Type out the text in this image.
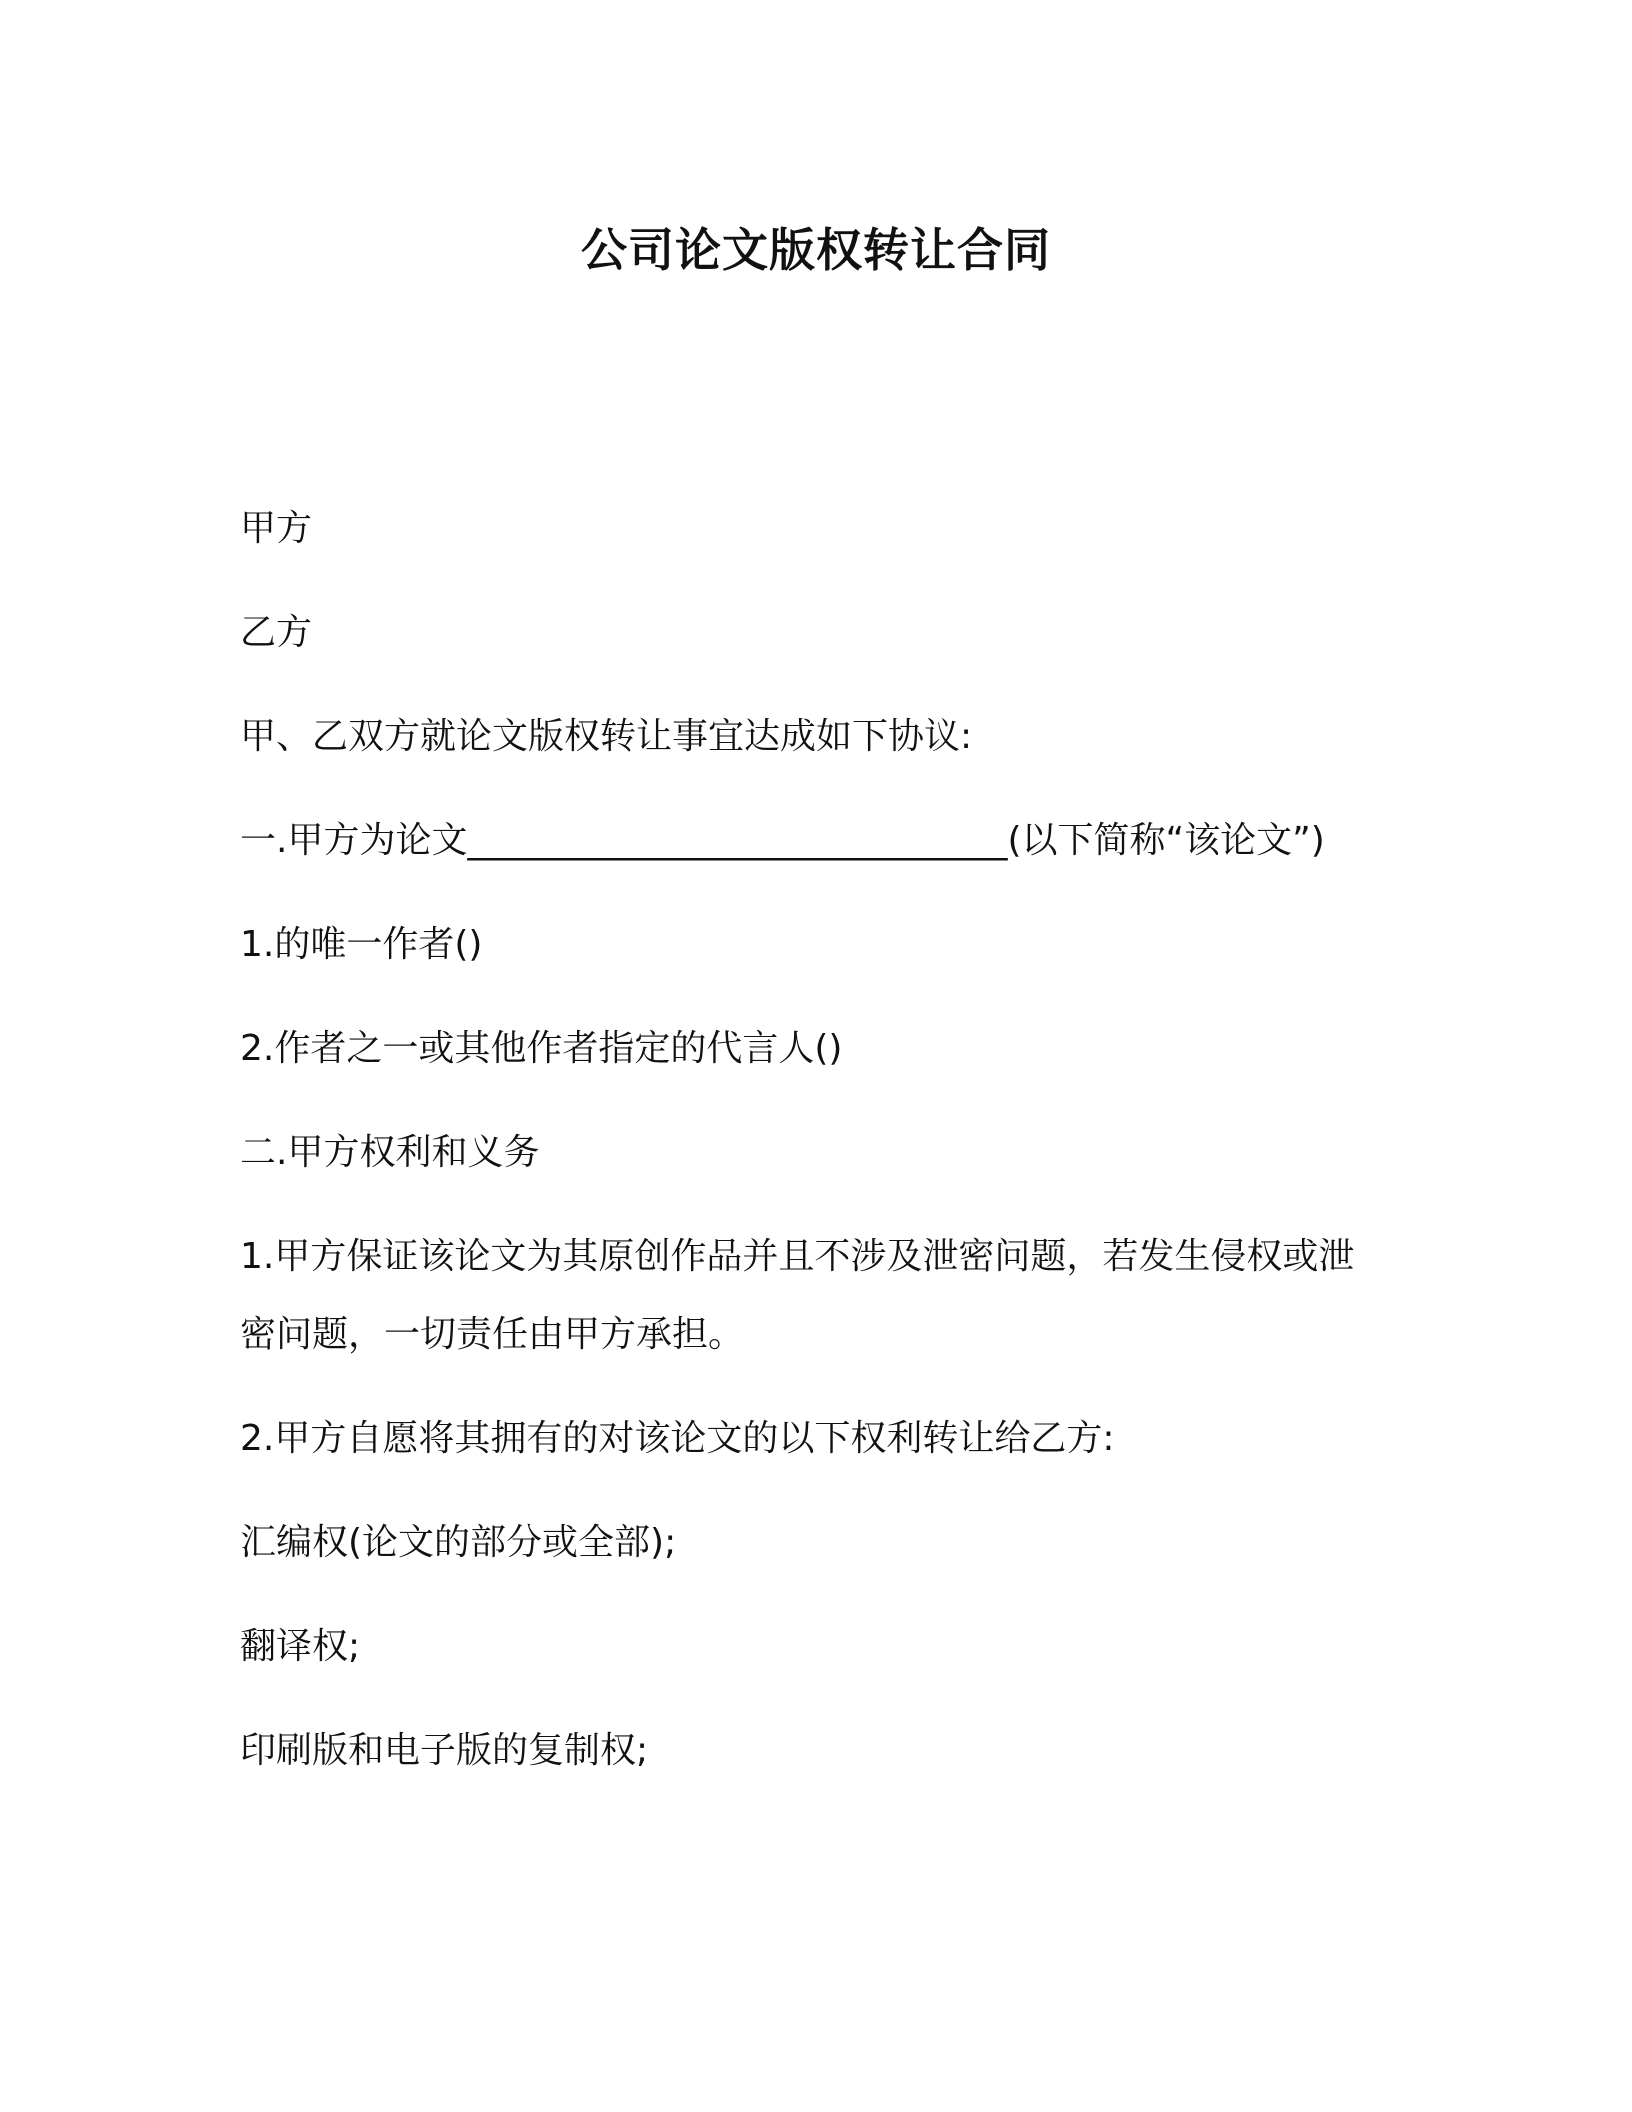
公司论文版权转让合同

甲方

乙方

甲、乙双方就论文版权转让事宜达成如下协议:

一.甲方为论文______________________________(以下简称“该论文”)

1.的唯一作者()

2.作者之一或其他作者指定的代言人()

二.甲方权利和义务

1.甲方保证该论文为其原创作品并且不涉及泄密问题，若发生侵权或泄密问题，一切责任由甲方承担。

2.甲方自愿将其拥有的对该论文的以下权利转让给乙方:

汇编权(论文的部分或全部);

翻译权;

印刷版和电子版的复制权;
